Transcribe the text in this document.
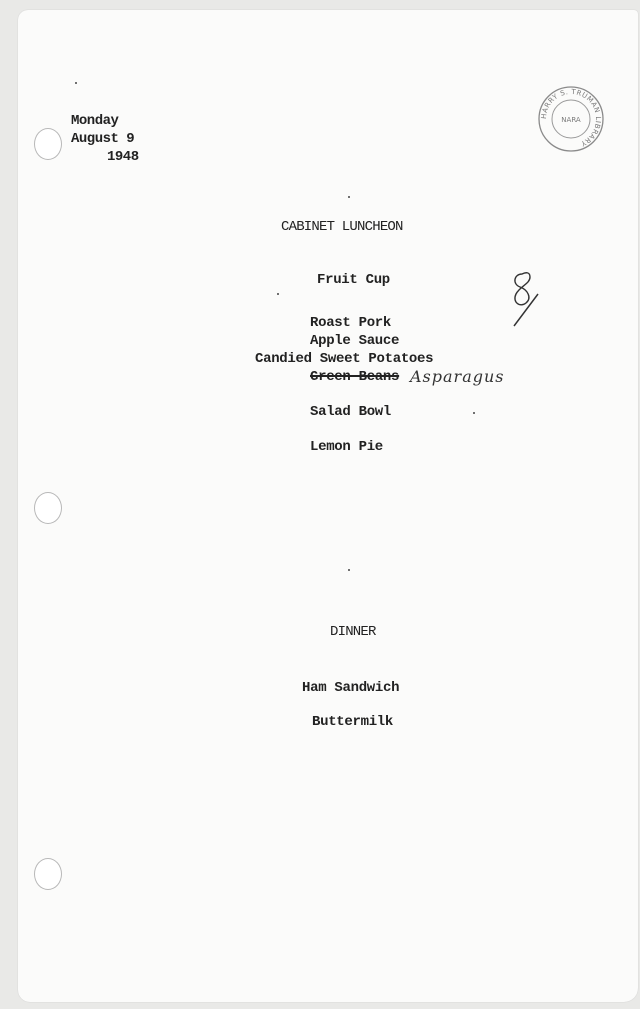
Monday
August 9
1948
HARRY S. TRUMAN LIBRARY
NARA
CABINET LUNCHEON
Fruit Cup
Roast Pork
Apple Sauce
Candied Sweet Potatoes
Green Beans Asparagus
Salad Bowl
Lemon Pie
8
DINNER
Ham Sandwich
Buttermilk
